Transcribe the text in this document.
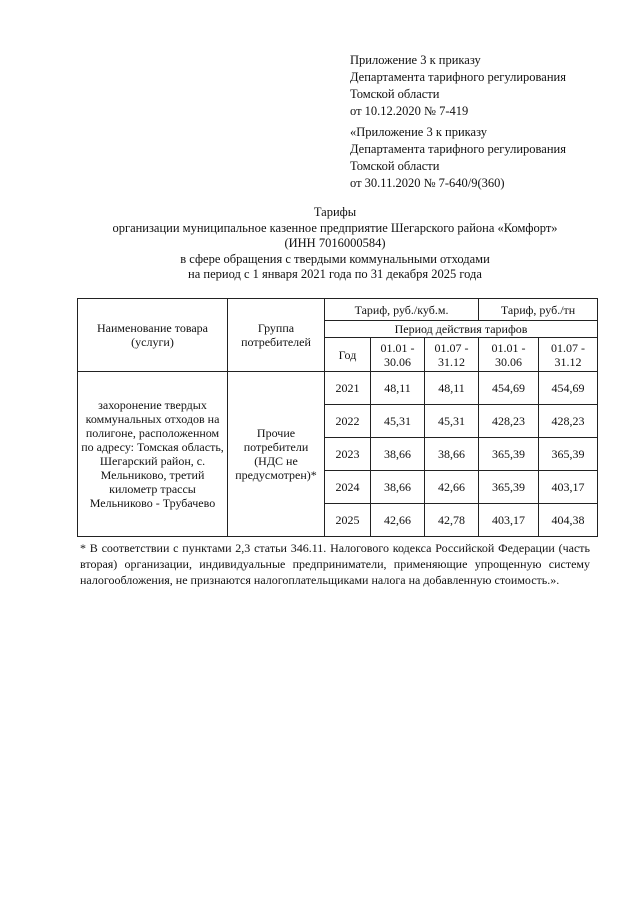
Приложение 3 к приказу
Департамента тарифного регулирования
Томской области
от 10.12.2020 № 7-419
«Приложение 3 к приказу
Департамента тарифного регулирования
Томской области
от 30.11.2020 № 7-640/9(360)
Тарифы
организации муниципальное казенное предприятие Шегарского района «Комфорт»
(ИНН 7016000584)
в сфере обращения с твердыми коммунальными отходами
на период с 1 января 2021 года по 31 декабря 2025 года
Наименование товара (услуги)	Группа потребителей	Тариф, руб./куб.м.			Тариф, руб./тн	
		Период действия тарифов				
		Год	01.01 - 30.06	01.07 - 31.12	01.01 - 30.06	01.07 - 31.12
захоронение твердых коммунальных отходов на полигоне, расположенном по адресу: Томская область, Шегарский район, с. Мельниково, третий километр трассы Мельниково - Трубачево	Прочие потребители (НДС не предусмотрен)*	2021	48,11	48,11	454,69	454,69
		2022	45,31	45,31	428,23	428,23
		2023	38,66	38,66	365,39	365,39
		2024	38,66	42,66	365,39	403,17
		2025	42,66	42,78	403,17	404,38
* В соответствии с пунктами 2,3 статьи 346.11. Налогового кодекса Российской Федерации (часть вторая) организации, индивидуальные предприниматели, применяющие упрощенную систему налогообложения, не признаются налогоплательщиками налога на добавленную стоимость.».
